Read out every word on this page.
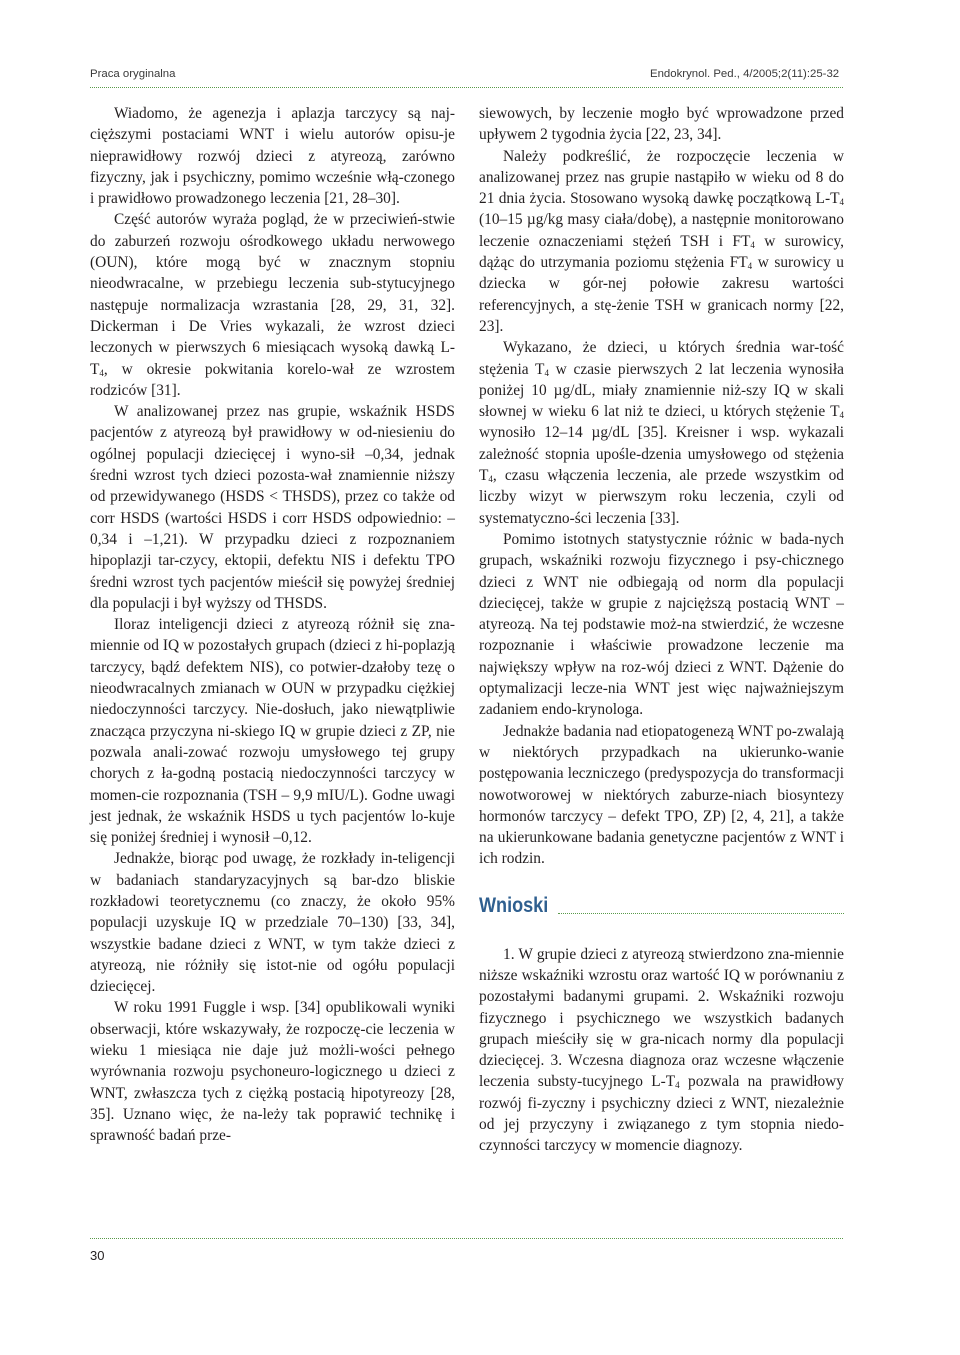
Praca oryginalna	Endokrynol. Ped., 4/2005;2(11):25-32

Wiadomo, że agenezja i aplazja tarczycy są naj-cięższymi postaciami WNT i wielu autorów opisu-je nieprawidłowy rozwój dzieci z atyreozą, zarówno fizyczny, jak i psychiczny, pomimo wcześnie włą-czonego i prawidłowo prowadzonego leczenia [21, 28–30].

Część autorów wyraża pogląd, że w przeciwień-stwie do zaburzeń rozwoju ośrodkowego układu nerwowego (OUN), które mogą być w znacznym stopniu nieodwracalne, w przebiegu leczenia sub-stytucyjnego następuje normalizacja wzrastania [28, 29, 31, 32]. Dickerman i De Vries wykazali, że wzrost dzieci leczonych w pierwszych 6 miesiącach wysoką dawką $L-T_4$, w okresie pokwitania korelo-wał ze wzrostem rodziców [31].

W analizowanej przez nas grupie, wskaźnik HSDS pacjentów z atyreozą był prawidłowy w od-niesieniu do ogólnej populacji dziecięcej i wyno-sił –0,34, jednak średni wzrost tych dzieci pozosta-wał znamiennie niższy od przewidywanego (HSDS < THSDS), przez co także od corr HSDS (wartości HSDS i corr HSDS odpowiednio: –0,34 i –1,21). W przypadku dzieci z rozpoznaniem hipoplazji tar-czycy, ektopii, defektu NIS i defektu TPO średni wzrost tych pacjentów mieścił się powyżej średniej dla populacji i był wyższy od THSDS.

Iloraz inteligencji dzieci z atyreozą różnił się zna-miennie od IQ w pozostałych grupach (dzieci z hi-poplazją tarczycy, bądź defektem NIS), co potwier-dzałoby tezę o nieodwracalnych zmianach w OUN w przypadku ciężkiej niedoczynności tarczycy. Nie-dosłuch, jako niewątpliwie znacząca przyczyna ni-skiego IQ w grupie dzieci z ZP, nie pozwala anali-zować rozwoju umysłowego tej grupy chorych z ła-godną postacią niedoczynności tarczycy w momen-cie rozpoznania (TSH – 9,9 mIU/L). Godne uwagi jest jednak, że wskaźnik HSDS u tych pacjentów lo-kuje się poniżej średniej i wynosił –0,12.

Jednakże, biorąc pod uwagę, że rozkłady in-teligencji w badaniach standaryzacyjnych są bar-dzo bliskie rozkładowi teoretycznemu (co znaczy, że około 95% populacji uzyskuje IQ w przedziale 70–130) [33, 34], wszystkie badane dzieci z WNT, w tym także dzieci z atyreozą, nie różniły się istot-nie od ogółu populacji dziecięcej.

W roku 1991 Fuggle i wsp. [34] opublikowali wyniki obserwacji, które wskazywały, że rozpoczę-cie leczenia w wieku 1 miesiąca nie daje już możli-wości pełnego wyrównania rozwoju psychoneuro-logicznego u dzieci z WNT, zwłaszcza tych z ciężką postacią hipotyreozy [28, 35]. Uznano więc, że na-leży tak poprawić technikę i sprawność badań prze-

siewowych, by leczenie mogło być wprowadzone przed upływem 2 tygodnia życia [22, 23, 34].

Należy podkreślić, że rozpoczęcie leczenia w analizowanej przez nas grupie nastąpiło w wieku od 8 do 21 dnia życia. Stosowano wysoką dawkę początkową $L-T_4$ (10–15 µg/kg masy ciała/dobę), a następnie monitorowano leczenie oznaczeniami stężeń TSH i $FT_4$ w surowicy, dążąc do utrzymania poziomu stężenia $FT_4$ w surowicy u dziecka w gór-nej połowie zakresu wartości referencyjnych, a stę-żenie TSH w granicach normy [22, 23].

Wykazano, że dzieci, u których średnia war-tość stężenia $T_4$ w czasie pierwszych 2 lat leczenia wynosiła poniżej 10 µg/dL, miały znamiennie niż-szy IQ w skali słownej w wieku 6 lat niż te dzieci, u których stężenie $T_4$ wynosiło 12–14 µg/dL [35]. Kreisner i wsp. wykazali zależność stopnia upośle-dzenia umysłowego od stężenia $T_4$, czasu włączenia leczenia, ale przede wszystkim od liczby wizyt w pierwszym roku leczenia, czyli od systematyczno-ści leczenia [33].

Pomimo istotnych statystycznie różnic w bada-nych grupach, wskaźniki rozwoju fizycznego i psy-chicznego dzieci z WNT nie odbiegają od norm dla populacji dziecięcej, także w grupie z najcięższą postacią WNT – atyreozą. Na tej podstawie moż-na stwierdzić, że wczesne rozpoznanie i właściwie prowadzone leczenie ma największy wpływ na roz-wój dzieci z WNT. Dążenie do optymalizacji lecze-nia WNT jest więc najważniejszym zadaniem endo-krynologa.

Jednakże badania nad etiopatogenezą WNT po-zwalają w niektórych przypadkach na ukierunko-wanie postępowania leczniczego (predyspozycja do transformacji nowotworowej w niektórych zaburze-niach biosyntezy hormonów tarczycy – defekt TPO, ZP) [2, 4, 21], a także na ukierunkowane badania genetyczne pacjentów z WNT i ich rodzin.

Wnioski

1. W grupie dzieci z atyreozą stwierdzono zna-miennie niższe wskaźniki wzrostu oraz wartość IQ w porównaniu z pozostałymi badanymi grupami. 2. Wskaźniki rozwoju fizycznego i psychicznego we wszystkich badanych grupach mieściły się w gra-nicach normy dla populacji dziecięcej. 3. Wczesna diagnoza oraz wczesne włączenie leczenia substy-tucyjnego $L-T_4$ pozwala na prawidłowy rozwój fi-zyczny i psychiczny dzieci z WNT, niezależnie od jej przyczyny i związanego z tym stopnia niedo-czynności tarczycy w momencie diagnozy.

30
